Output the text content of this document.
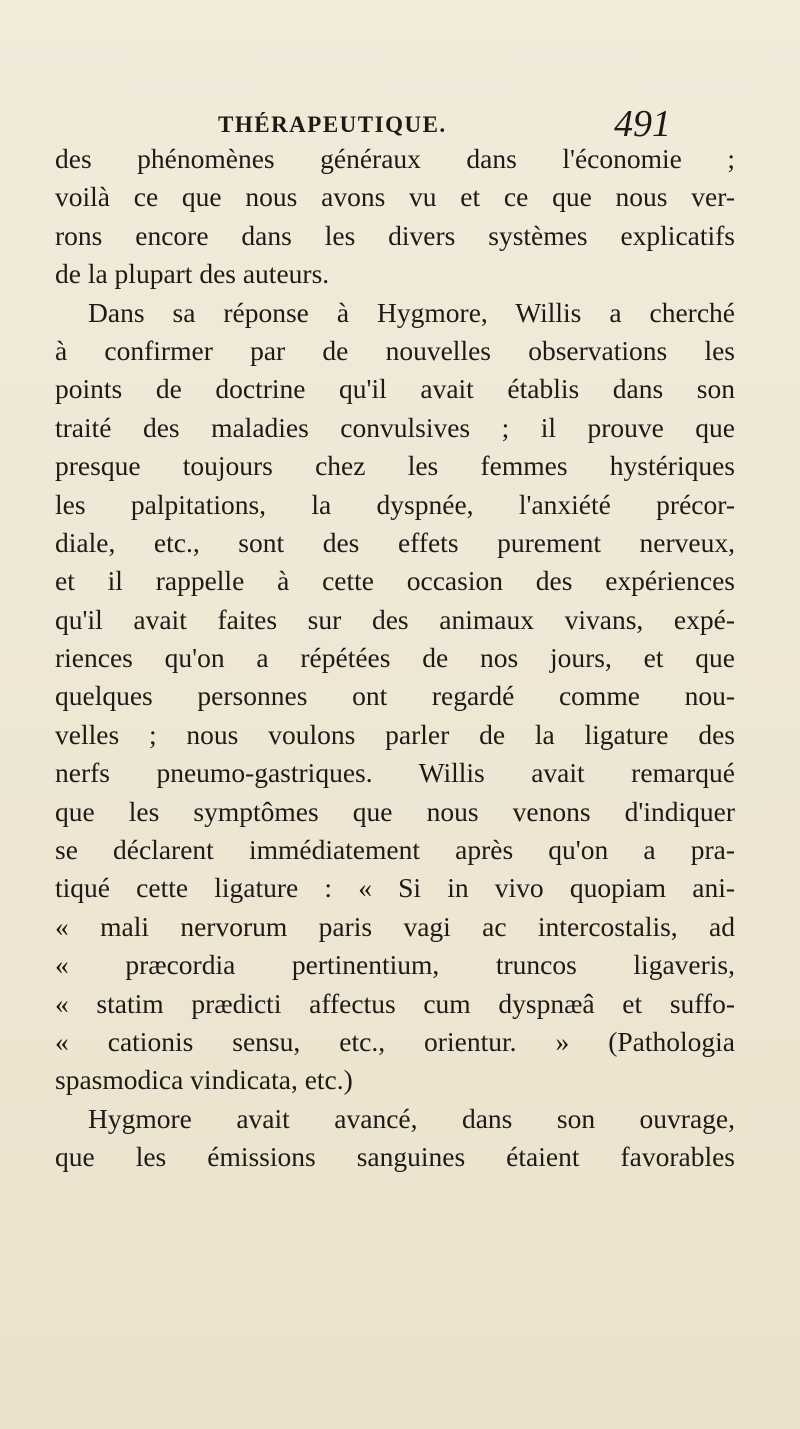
THÉRAPEUTIQUE.	491
des phénomènes généraux dans l'économie ;
voilà ce que nous avons vu et ce que nous ver-
rons encore dans les divers systèmes explicatifs
de la plupart des auteurs.
Dans sa réponse à Hygmore, Willis a cherché
à confirmer par de nouvelles observations les
points de doctrine qu'il avait établis dans son
traité des maladies convulsives ; il prouve que
presque toujours chez les femmes hystériques
les palpitations, la dyspnée, l'anxiété précor-
diale, etc., sont des effets purement nerveux,
et il rappelle à cette occasion des expériences
qu'il avait faites sur des animaux vivans, expé-
riences qu'on a répétées de nos jours, et que
quelques personnes ont regardé comme nou-
velles ; nous voulons parler de la ligature des
nerfs pneumo-gastriques. Willis avait remarqué
que les symptômes que nous venons d'indiquer
se déclarent immédiatement après qu'on a pra-
tiqué cette ligature : « Si in vivo quopiam ani-
« mali nervorum paris vagi ac intercostalis, ad
« præcordia pertinentium, truncos ligaveris,
« statim prædicti affectus cum dyspnæâ et suffo-
« cationis sensu, etc., orientur. » (Pathologia
spasmodica vindicata, etc.)
Hygmore avait avancé, dans son ouvrage,
que les émissions sanguines étaient favorables
